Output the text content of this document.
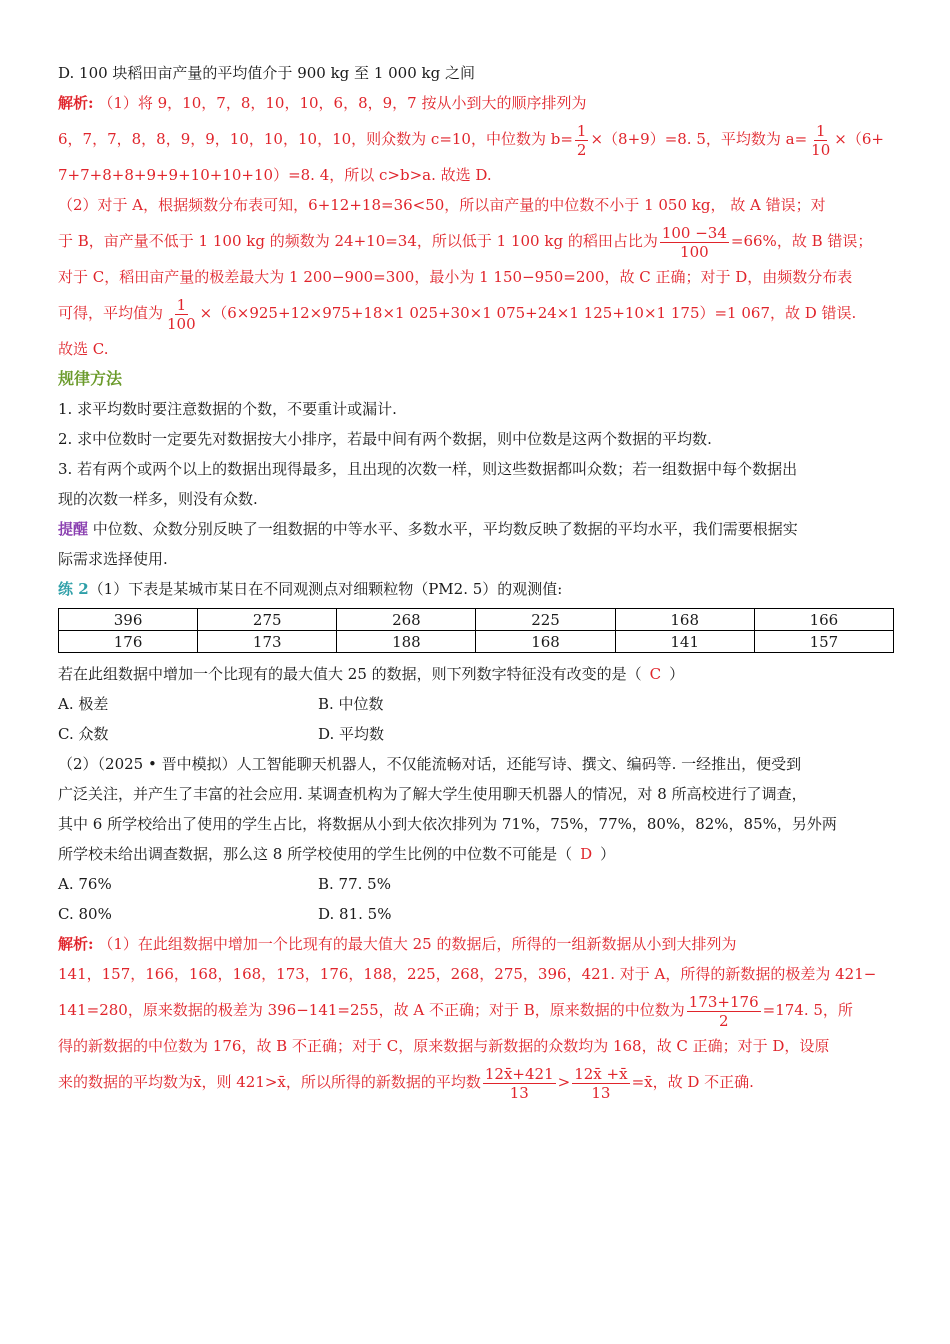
D. 100 块稻田亩产量的平均值介于 900 kg 至 1 000 kg 之间
解析: （1）将 9，10，7，8，10，10，6，8，9，7 按从小到大的顺序排列为
6，7，7，8，8，9，9，10，10，10，10，则众数为 c=10，中位数为 $b= \frac{1}{2} \times(8+9)=8$. 5，平均数为 $a= \frac{1}{10} \times(6+$
7+7+8+8+9+9+10+10+10）=8. 4，所以 c>b>a. 故选 D.
（2）对于 A，根据频数分布表可知，6+12+18=36<50，所以亩产量的中位数不小于 1 050 kg， 故 A 错误；对
于 B，亩产量不低于 1 100 kg 的频数为 24+10=34，所以低于 1 100 kg 的稻田占比为 $\frac{100 -34}{100} =66\%$，故 B 错误；
对于 C，稻田亩产量的极差最大为 1 200−900=300，最小为 1 150−950=200，故 C 正确；对于 D，由频数分布表
可得，平均值为 $\frac{1}{100} \times(6\times 925+12\times 975+18\times 1$ 025+30×1 075+24×1 125+10×1 175）=1 067，故 D 错误.
故选 C.
规律方法
1. 求平均数时要注意数据的个数，不要重计或漏计.
2. 求中位数时一定要先对数据按大小排序，若最中间有两个数据，则中位数是这两个数据的平均数.
3. 若有两个或两个以上的数据出现得最多，且出现的次数一样，则这些数据都叫众数；若一组数据中每个数据出
现的次数一样多，则没有众数.
提醒 中位数、众数分别反映了一组数据的中等水平、多数水平，平均数反映了数据的平均水平，我们需要根据实
际需求选择使用.
练 2（1）下表是某城市某日在不同观测点对细颗粒物（PM2. 5）的观测值:
396	275	268	225	168	166
176	173	188	168	141	157
若在此组数据中增加一个比现有的最大值大 25 的数据，则下列数字特征没有改变的是（ C ）
A. 极差	B. 中位数
C. 众数	D. 平均数
（2）（2025 • 晋中模拟）人工智能聊天机器人，不仅能流畅对话，还能写诗、撰文、编码等. 一经推出，便受到
广泛关注，并产生了丰富的社会应用. 某调查机构为了解大学生使用聊天机器人的情况，对 8 所高校进行了调查，
其中 6 所学校给出了使用的学生占比，将数据从小到大依次排列为 71%，75%，77%，80%，82%，85%，另外两
所学校未给出调查数据，那么这 8 所学校使用的学生比例的中位数不可能是（ D ）
A. 76%	B. 77. 5%
C. 80%	D. 81. 5%
解析: （1）在此组数据中增加一个比现有的最大值大 25 的数据后，所得的一组新数据从小到大排列为
141，157，166，168，168，173，176，188，225，268，275，396，421. 对于 A，所得的新数据的极差为 421−
141=280，原来数据的极差为 396−141=255，故 A 不正确；对于 B，原来数据的中位数为 $\frac{173+176}{2} =174$. 5，所
得的新数据的中位数为 176，故 B 不正确；对于 C，原来数据与新数据的众数均为 168，故 C 正确；对于 D，设原
来的数据的平均数为x̄，则 421>x̄，所以所得的新数据的平均数 $\frac{12x̄+421}{13} > \frac{12x̄ +x̄}{13}$ =x̄，故 D 不正确.
